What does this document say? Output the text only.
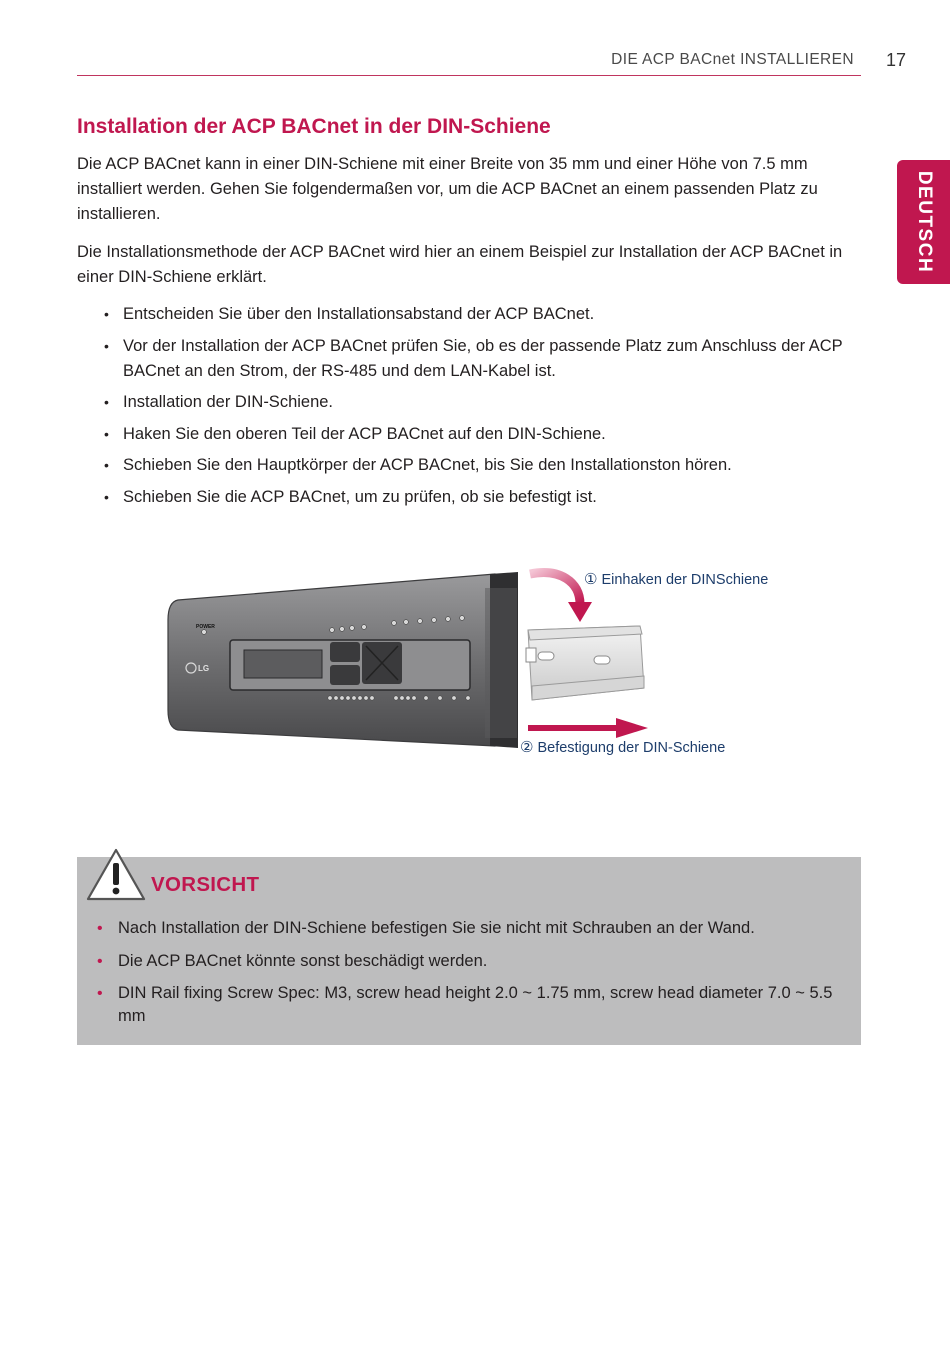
DIE ACP BACnet INSTALLIEREN 17
DEUTSCH
Installation der ACP BACnet in der DIN-Schiene

Die ACP BACnet kann in einer DIN-Schiene mit einer Breite von 35 mm und einer Höhe von 7.5 mm installiert werden. Gehen Sie folgendermaßen vor, um die ACP BACnet an einem passenden Platz zu installieren.

Die Installationsmethode der ACP BACnet wird hier an einem Beispiel zur Installation der ACP BACnet in einer DIN-Schiene erklärt.

• Entscheiden Sie über den Installationsabstand der ACP BACnet.
• Vor der Installation der ACP BACnet prüfen Sie, ob es der passende Platz zum Anschluss der ACP BACnet an den Strom, der RS-485 und dem LAN-Kabel ist.
• Installation der DIN-Schiene.
• Haken Sie den oberen Teil der ACP BACnet auf den DIN-Schiene.
• Schieben Sie den Hauptkörper der ACP BACnet, bis Sie den Installationston hören.
• Schieben Sie die ACP BACnet, um zu prüfen, ob sie befestigt ist.
POWER
LG
① Einhaken der DINSchiene
② Befestigung der DIN-Schiene
VORSICHT
• Nach Installation der DIN-Schiene befestigen Sie sie nicht mit Schrauben an der Wand.
• Die ACP BACnet könnte sonst beschädigt werden.
• DIN Rail fixing Screw Spec: M3, screw head height 2.0 ~ 1.75 mm, screw head diameter 7.0 ~ 5.5 mm
